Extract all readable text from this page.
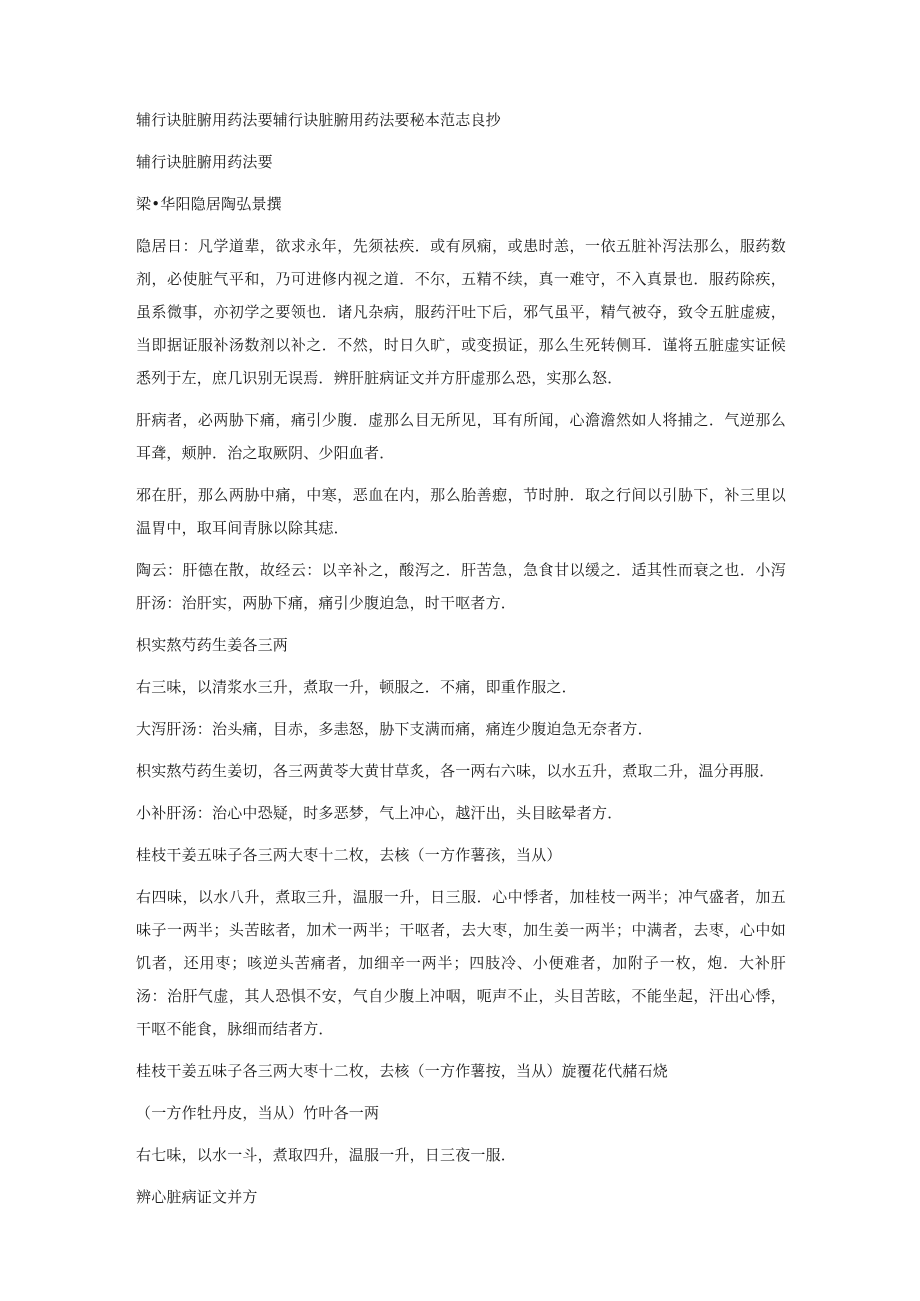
辅行诀脏腑用药法要辅行诀脏腑用药法要秘本范志良抄

辅行诀脏腑用药法要

梁•华阳隐居陶弘景撰

隐居日：凡学道辈，欲求永年，先须祛疾．或有夙痫，或患时恙，一依五脏补泻法那么，服药数剂，必使脏气平和，乃可进修内视之道．不尔，五精不续，真一难守，不入真景也．服药除疾，虽系微事，亦初学之要领也．诸凡杂病，服药汗吐下后，邪气虽平，精气被夺，致令五脏虚疲，当即据证服补汤数剂以补之．不然，时日久旷，或变损证，那么生死转侧耳．谨将五脏虚实证候悉列于左，庶几识别无误焉．辨肝脏病证文并方肝虚那么恐，实那么怒．

肝病者，必两胁下痛，痛引少腹．虚那么目无所见，耳有所闻，心澹澹然如人将捕之．气逆那么耳聋，颊肿．治之取厥阴、少阳血者．

邪在肝，那么两胁中痛，中寒，恶血在内，那么胎善瘛，节时肿．取之行间以引胁下，补三里以温胃中，取耳间青脉以除其痣．

陶云：肝德在散，故经云：以辛补之，酸泻之．肝苦急，急食甘以缓之．适其性而衰之也．小泻肝汤：治肝实，两胁下痛，痛引少腹迫急，时干呕者方．

枳实熬芍药生姜各三两

右三味，以清浆水三升，煮取一升，顿服之．不痛，即重作服之．

大泻肝汤：治头痛，目赤，多恚怒，胁下支满而痛，痛连少腹迫急无奈者方．

枳实熬芍药生姜切，各三两黄苓大黄甘草炙，各一两右六味，以水五升，煮取二升，温分再服．

小补肝汤：治心中恐疑，时多恶梦，气上冲心，越汗出，头目眩晕者方．

桂枝干姜五味子各三两大枣十二枚，去核（一方作薯孩，当从）

右四味，以水八升，煮取三升，温服一升，日三服．心中悸者，加桂枝一两半；冲气盛者，加五味子一两半；头苦眩者，加术一两半；干呕者，去大枣，加生姜一两半；中满者，去枣，心中如饥者，还用枣；咳逆头苦痛者，加细辛一两半；四肢冷、小便难者，加附子一枚，炮．大补肝汤：治肝气虚，其人恐惧不安，气自少腹上冲咽，呃声不止，头目苦眩，不能坐起，汗出心悸，干呕不能食，脉细而结者方．

桂枝干姜五味子各三两大枣十二枚，去核（一方作薯按，当从）旋覆花代赭石烧

（一方作牡丹皮，当从）竹叶各一两

右七味，以水一斗，煮取四升，温服一升，日三夜一服．

辨心脏病证文并方
